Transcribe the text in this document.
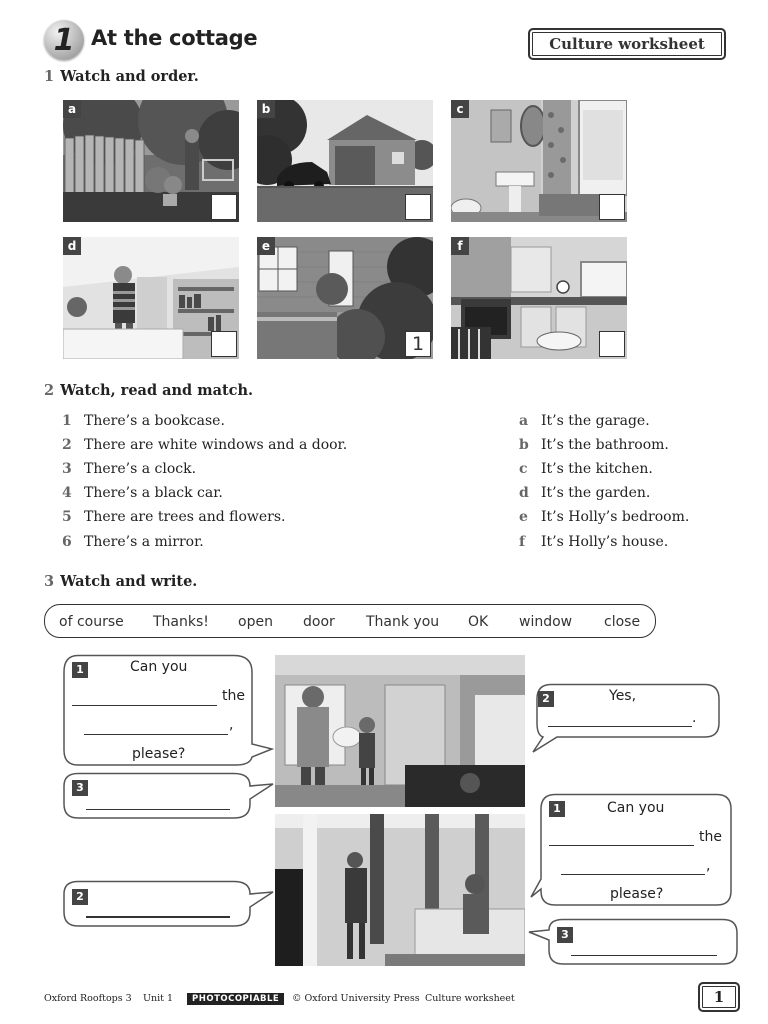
1 At the cottage	Culture worksheet
1 Watch and order.
a	b	c
d	e
1
f
2 Watch, read and match.
1 There’s a bookcase.
2 There are white windows and a door.
3 There’s a clock.
4 There’s a black car.
5 There are trees and flowers.
6 There’s a mirror.
a It’s the garage.
b It’s the bathroom.
c It’s the kitchen.
d It’s the garden.
e It’s Holly’s bedroom.
f It’s Holly’s house.
3 Watch and write.
of course Thanks! open door Thank you OK window close
1	Can you
the
,
please?
2	Yes,
.
3
2
1	Can you
the
,
please?
3
Oxford Rooftops 3 Unit 1	PHOTOCOPIABLE	© Oxford University Press Culture worksheet	1
